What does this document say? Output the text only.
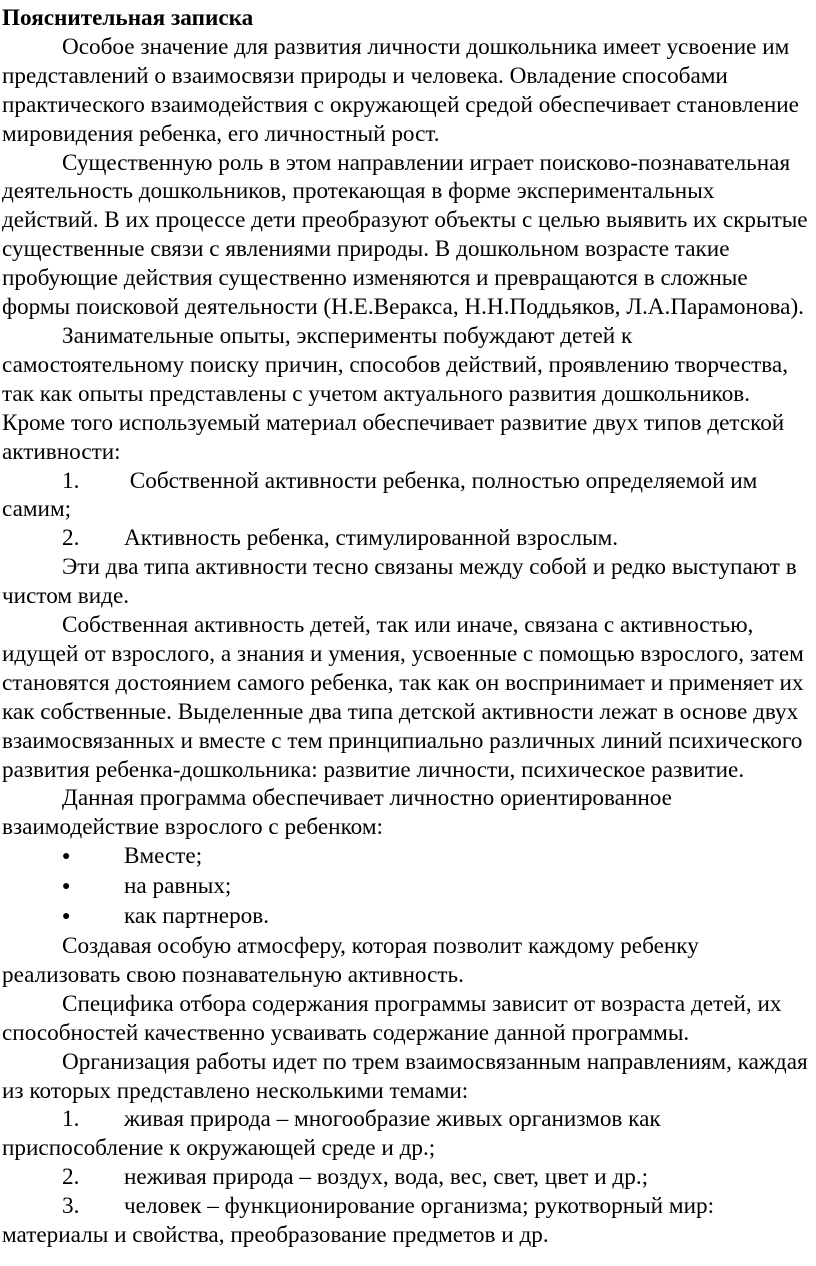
Пояснительная записка

Особое значение для развития личности дошкольника имеет усвоение им представлений о взаимосвязи природы и человека. Овладение способами практического взаимодействия с окружающей средой обеспечивает становление мировидения ребенка, его личностный рост.

Существенную роль в этом направлении играет поисково-познавательная деятельность дошкольников, протекающая в форме экспериментальных действий. В их процессе дети преобразуют объекты с целью выявить их скрытые существенные связи с явлениями природы. В дошкольном возрасте такие пробующие действия существенно изменяются и превращаются в сложные формы поисковой деятельности (Н.Е.Веракса, Н.Н.Поддьяков, Л.А.Парамонова).

Занимательные опыты, эксперименты побуждают детей к самостоятельному поиску причин, способов действий, проявлению творчества, так как опыты представлены с учетом актуального развития дошкольников. Кроме того используемый материал обеспечивает развитие двух типов детской активности:

1. Собственной активности ребенка, полностью определяемой им самим;

2. Активность ребенка, стимулированной взрослым.

Эти два типа активности тесно связаны между собой и редко выступают в чистом виде.

Собственная активность детей, так или иначе, связана с активностью, идущей от взрослого, а знания и умения, усвоенные с помощью взрослого, затем становятся достоянием самого ребенка, так как он воспринимает и применяет их как собственные. Выделенные два типа детской активности лежат в основе двух взаимосвязанных и вместе с тем принципиально различных линий психического развития ребенка-дошкольника: развитие личности, психическое развитие.

Данная программа обеспечивает личностно ориентированное взаимодействие взрослого с ребенком:

● Вместе;

● на равных;

● как партнеров.

Создавая особую атмосферу, которая позволит каждому ребенку реализовать свою познавательную активность.

Специфика отбора содержания программы зависит от возраста детей, их способностей качественно усваивать содержание данной программы.

Организация работы идет по трем взаимосвязанным направлениям, каждая из которых представлено несколькими темами:

1. живая природа – многообразие живых организмов как приспособление к окружающей среде и др.;

2. неживая природа – воздух, вода, вес, свет, цвет и др.;

3. человек – функционирование организма; рукотворный мир: материалы и свойства, преобразование предметов и др.
